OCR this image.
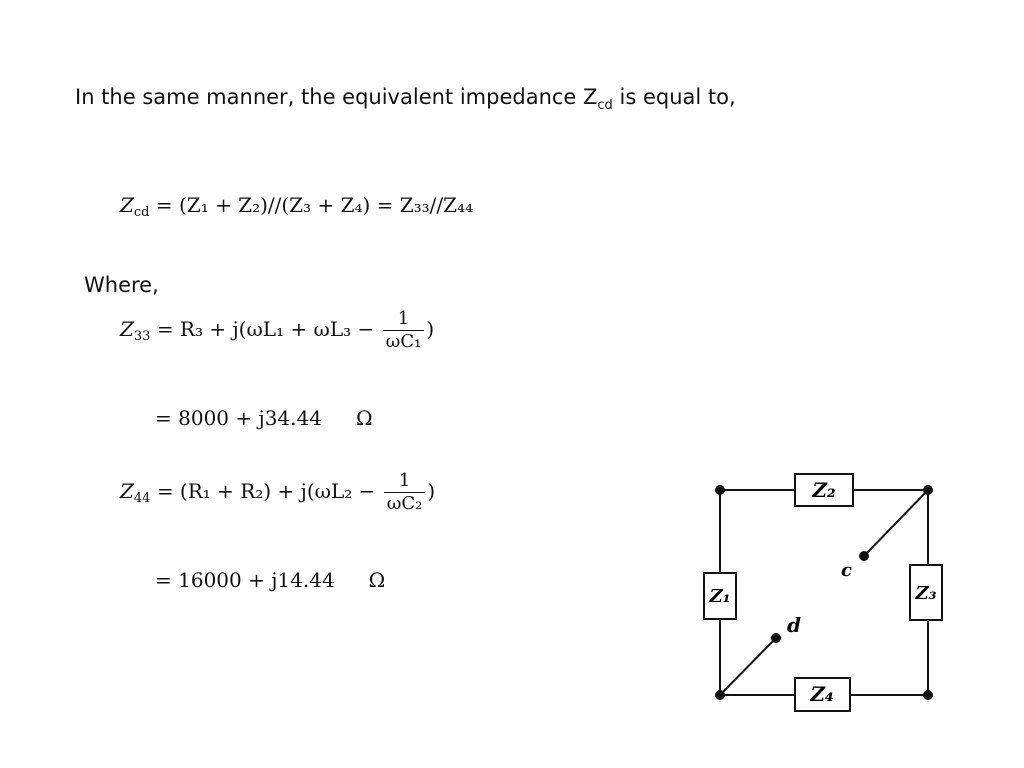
In the same manner, the equivalent impedance $Z_{cd}$ is equal to,
$Z_{cd} = (Z_1 + Z_2)//(Z_3 + Z_4) = Z_{33}//Z_{44}$
Where,
$Z_{33} = R_3 + j(\omega L_1 + \omega L_3 - \frac{1}{\text{ωC₁}}$ )
= 8000 + j34.44 Ω
$Z_{44} = (R_1 + R_2) + j(\omega L_2 - \frac{1}{\text{ωC₂}}$ )
= 16000 + j14.44 Ω
Z₂
Z₁	Z₃
Z₄
c
d
